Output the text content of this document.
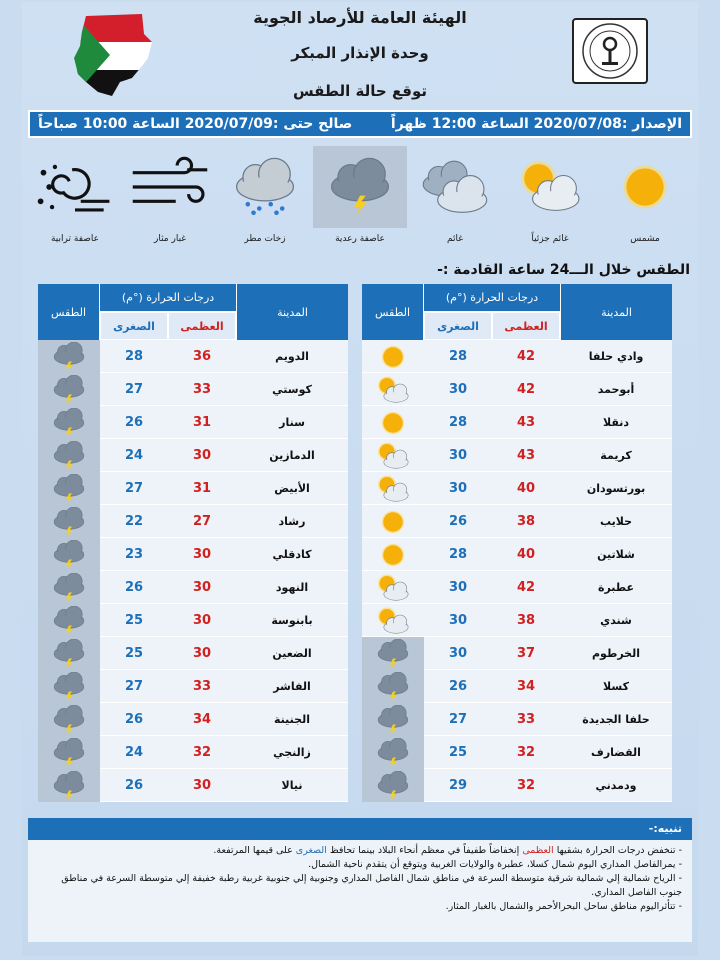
الهيئة العامة للأرصاد الجوية
وحدة الإنذار المبكر
توقع حالة الطقس
الإصدار :2020/07/08 الساعة 12:00 ظهراً
صالح حتى :2020/07/09 الساعة 10:00 صباحاً
مشمس
غائم جزئياً
غائم
عاصفة رعدية
زخات مطر
غبار مثار
عاصفة ترابية
الطقس خلال الـــ24 ساعة القادمة :-
المدينة
درجات الحرارة (°م)
العظمى
الصغرى
الطقس
وادي حلفا
42
28
أبوحمد
42
30
دنقلا
43
28
كريمة
43
30
بورتسودان
40
30
حلايب
38
26
شلاتين
40
28
عطبرة
42
30
شندي
38
30
الخرطوم
37
30
كسلا
34
26
حلفا الجديدة
33
27
القضارف
32
25
ودمدني
32
29
المدينة
درجات الحرارة (°م)
العظمى
الصغرى
الطقس
الدويم
36
28
كوستي
33
27
سنار
31
26
الدمازين
30
24
الأبيض
31
27
رشاد
27
22
كادقلي
30
23
النهود
30
26
بابنوسة
30
25
الضعين
30
25
الفاشر
33
27
الجنينة
34
26
زالنجي
32
24
نيالا
30
26
تنبيه:-
- تنخفض درجات الحرارة بشقيها العظمى إنخفاضاً طفيفاً في معظم أنحاء البلاد بينما تحافظ الصغرى على قيمها المرتفعة.
- يمرالفاصل المداري اليوم شمال كسلا، عطبرة والولايات الغربية ويتوقع أن يتقدم ناحية الشمال.
- الرياح شمالية إلي شمالية شرقية متوسطة السرعة في مناطق شمال الفاصل المداري وجنوبية إلي جنوبية غربية رطبة خفيفة إلي متوسطة السرعة في مناطق جنوب الفاصل المداري.
- تتأثراليوم مناطق ساحل البحرالأحمر والشمال بالغبار المثار.
